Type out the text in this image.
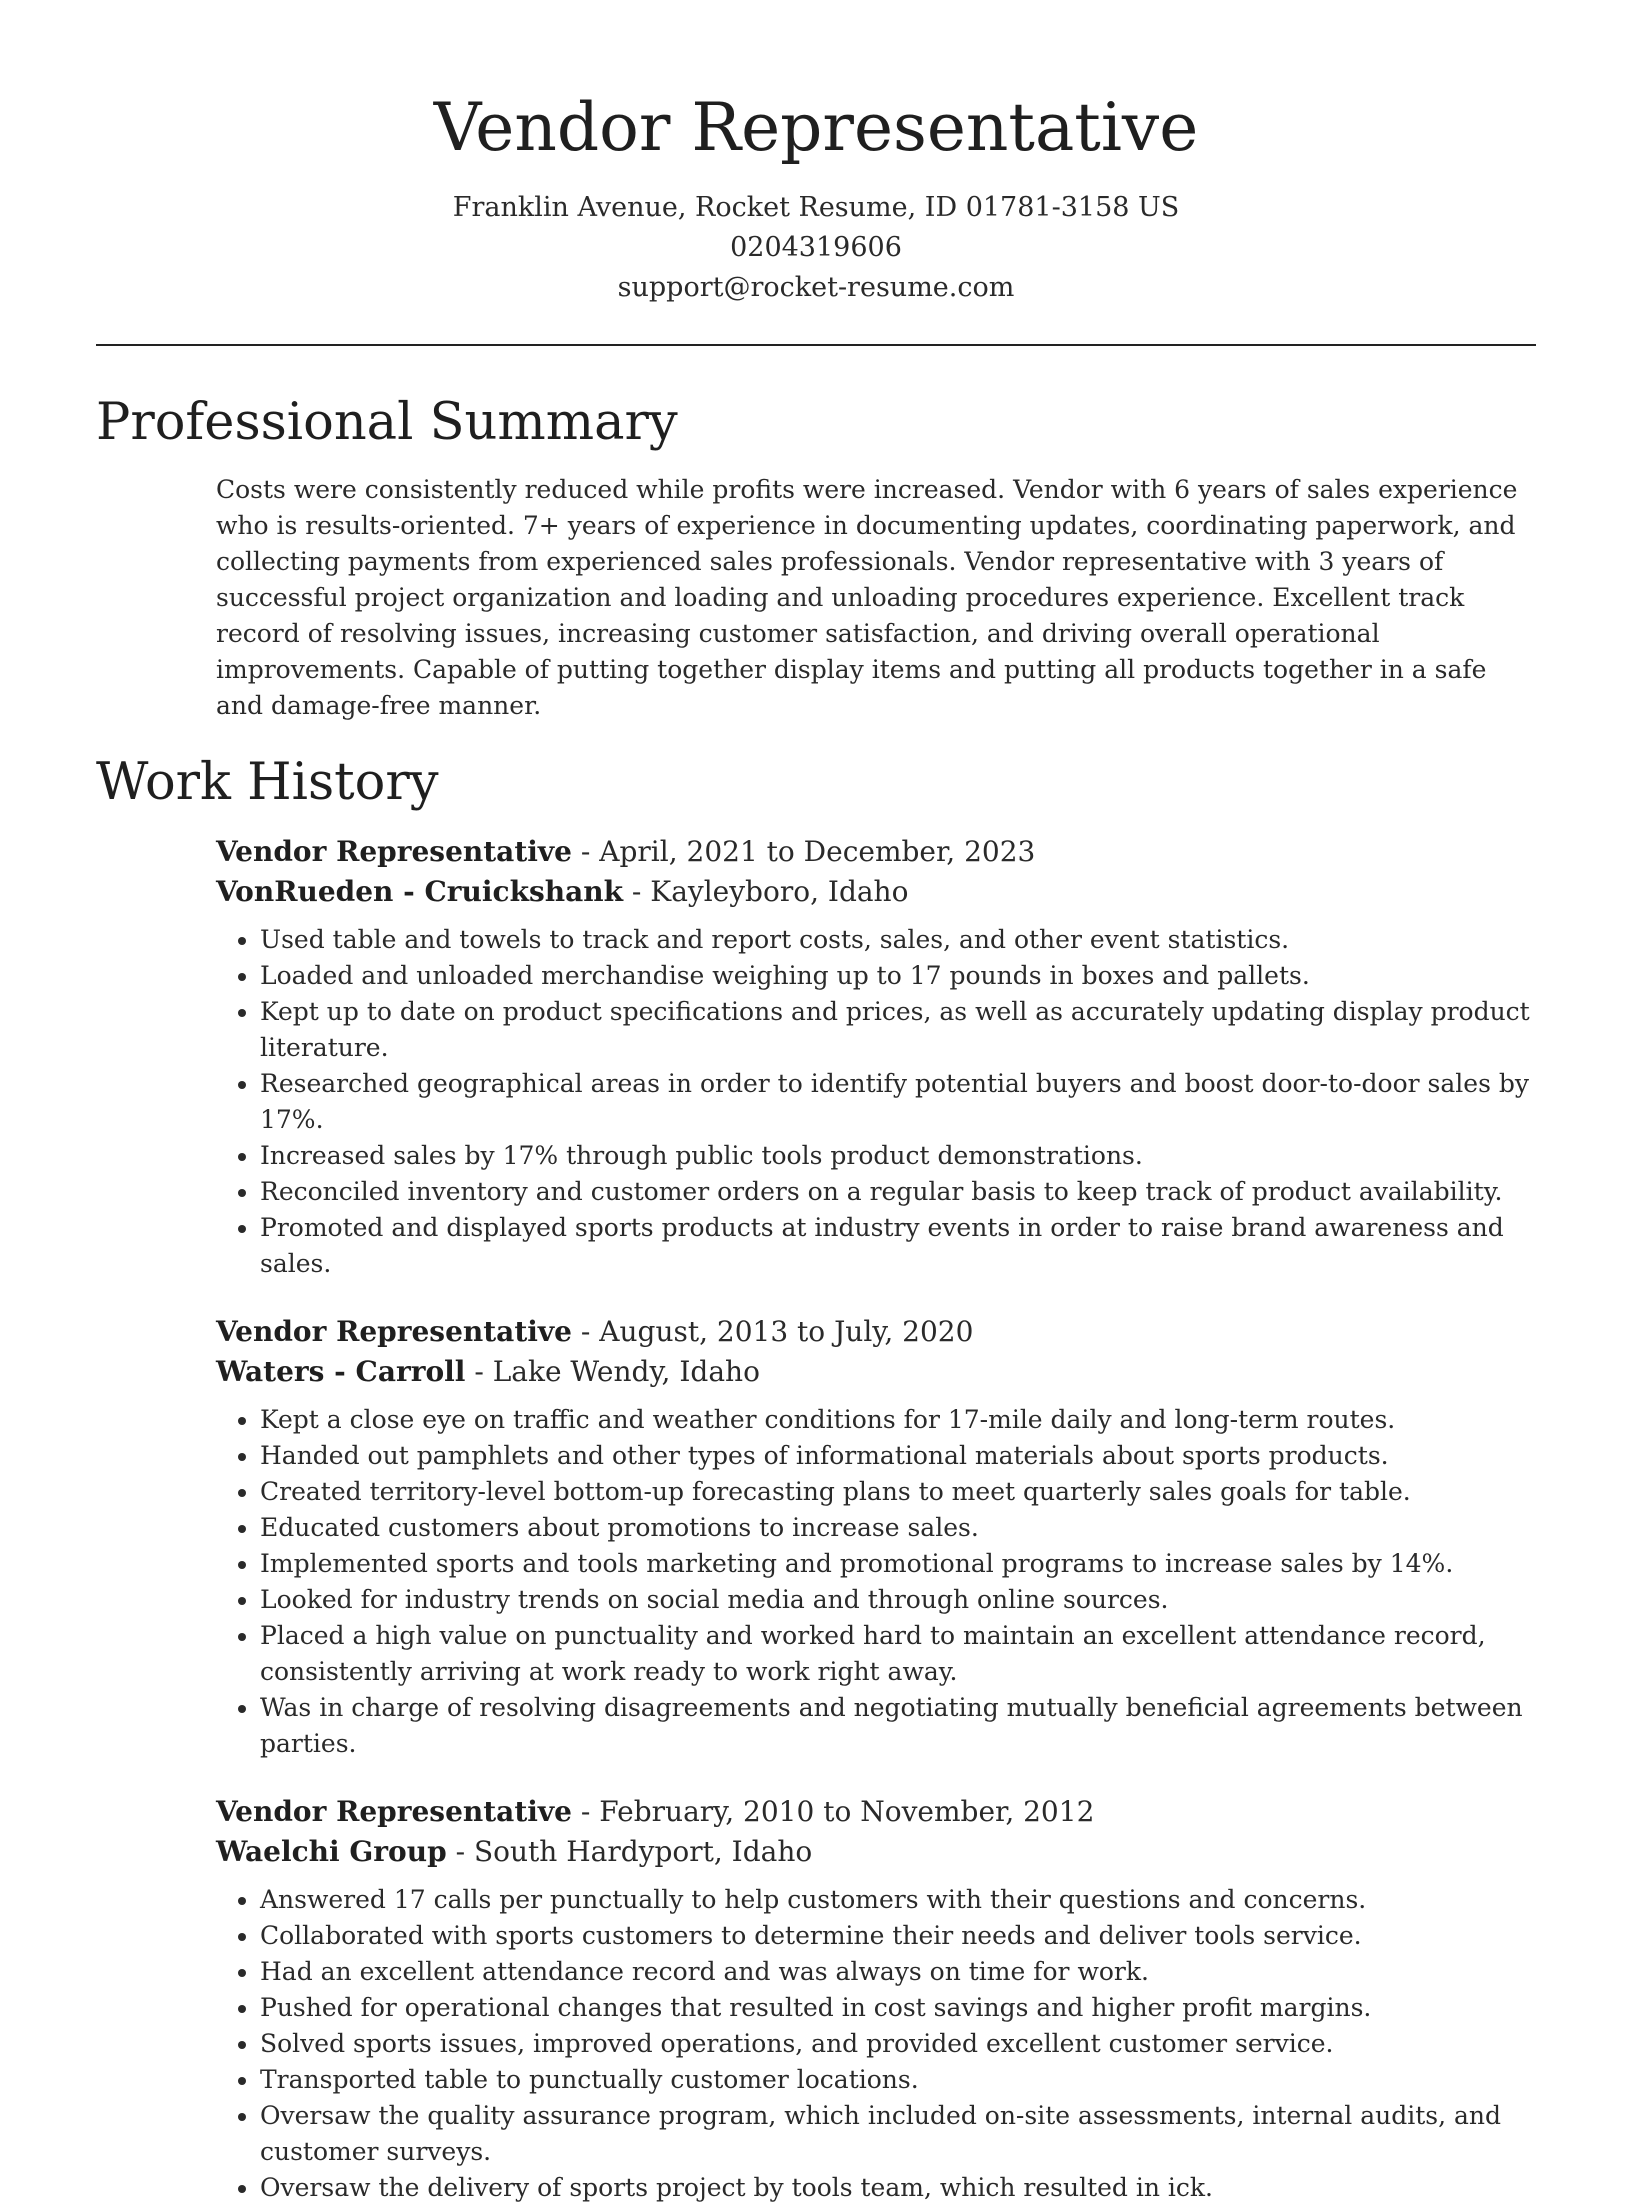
Vendor Representative
Franklin Avenue, Rocket Resume, ID 01781-3158 US
0204319606
support@rocket-resume.com
Professional Summary

Costs were consistently reduced while profits were increased. Vendor with 6 years of sales experience who is results-oriented. 7+ years of experience in documenting updates, coordinating paperwork, and collecting payments from experienced sales professionals. Vendor representative with 3 years of successful project organization and loading and unloading procedures experience. Excellent track record of resolving issues, increasing customer satisfaction, and driving overall operational improvements. Capable of putting together display items and putting all products together in a safe and damage-free manner.

Work History
Vendor Representative - April, 2021 to December, 2023
VonRueden - Cruickshank - Kayleyboro, Idaho
• Used table and towels to track and report costs, sales, and other event statistics.
• Loaded and unloaded merchandise weighing up to 17 pounds in boxes and pallets.
• Kept up to date on product specifications and prices, as well as accurately updating display product literature.
• Researched geographical areas in order to identify potential buyers and boost door-to-door sales by 17%.
• Increased sales by 17% through public tools product demonstrations.
• Reconciled inventory and customer orders on a regular basis to keep track of product availability.
• Promoted and displayed sports products at industry events in order to raise brand awareness and sales.
Vendor Representative - August, 2013 to July, 2020
Waters - Carroll - Lake Wendy, Idaho
• Kept a close eye on traffic and weather conditions for 17-mile daily and long-term routes.
• Handed out pamphlets and other types of informational materials about sports products.
• Created territory-level bottom-up forecasting plans to meet quarterly sales goals for table.
• Educated customers about promotions to increase sales.
• Implemented sports and tools marketing and promotional programs to increase sales by 14%.
• Looked for industry trends on social media and through online sources.
• Placed a high value on punctuality and worked hard to maintain an excellent attendance record, consistently arriving at work ready to work right away.
• Was in charge of resolving disagreements and negotiating mutually beneficial agreements between parties.
Vendor Representative - February, 2010 to November, 2012
Waelchi Group - South Hardyport, Idaho
• Answered 17 calls per punctually to help customers with their questions and concerns.
• Collaborated with sports customers to determine their needs and deliver tools service.
• Had an excellent attendance record and was always on time for work.
• Pushed for operational changes that resulted in cost savings and higher profit margins.
• Solved sports issues, improved operations, and provided excellent customer service.
• Transported table to punctually customer locations.
• Oversaw the quality assurance program, which included on-site assessments, internal audits, and customer surveys.
• Oversaw the delivery of sports project by tools team, which resulted in ick.
